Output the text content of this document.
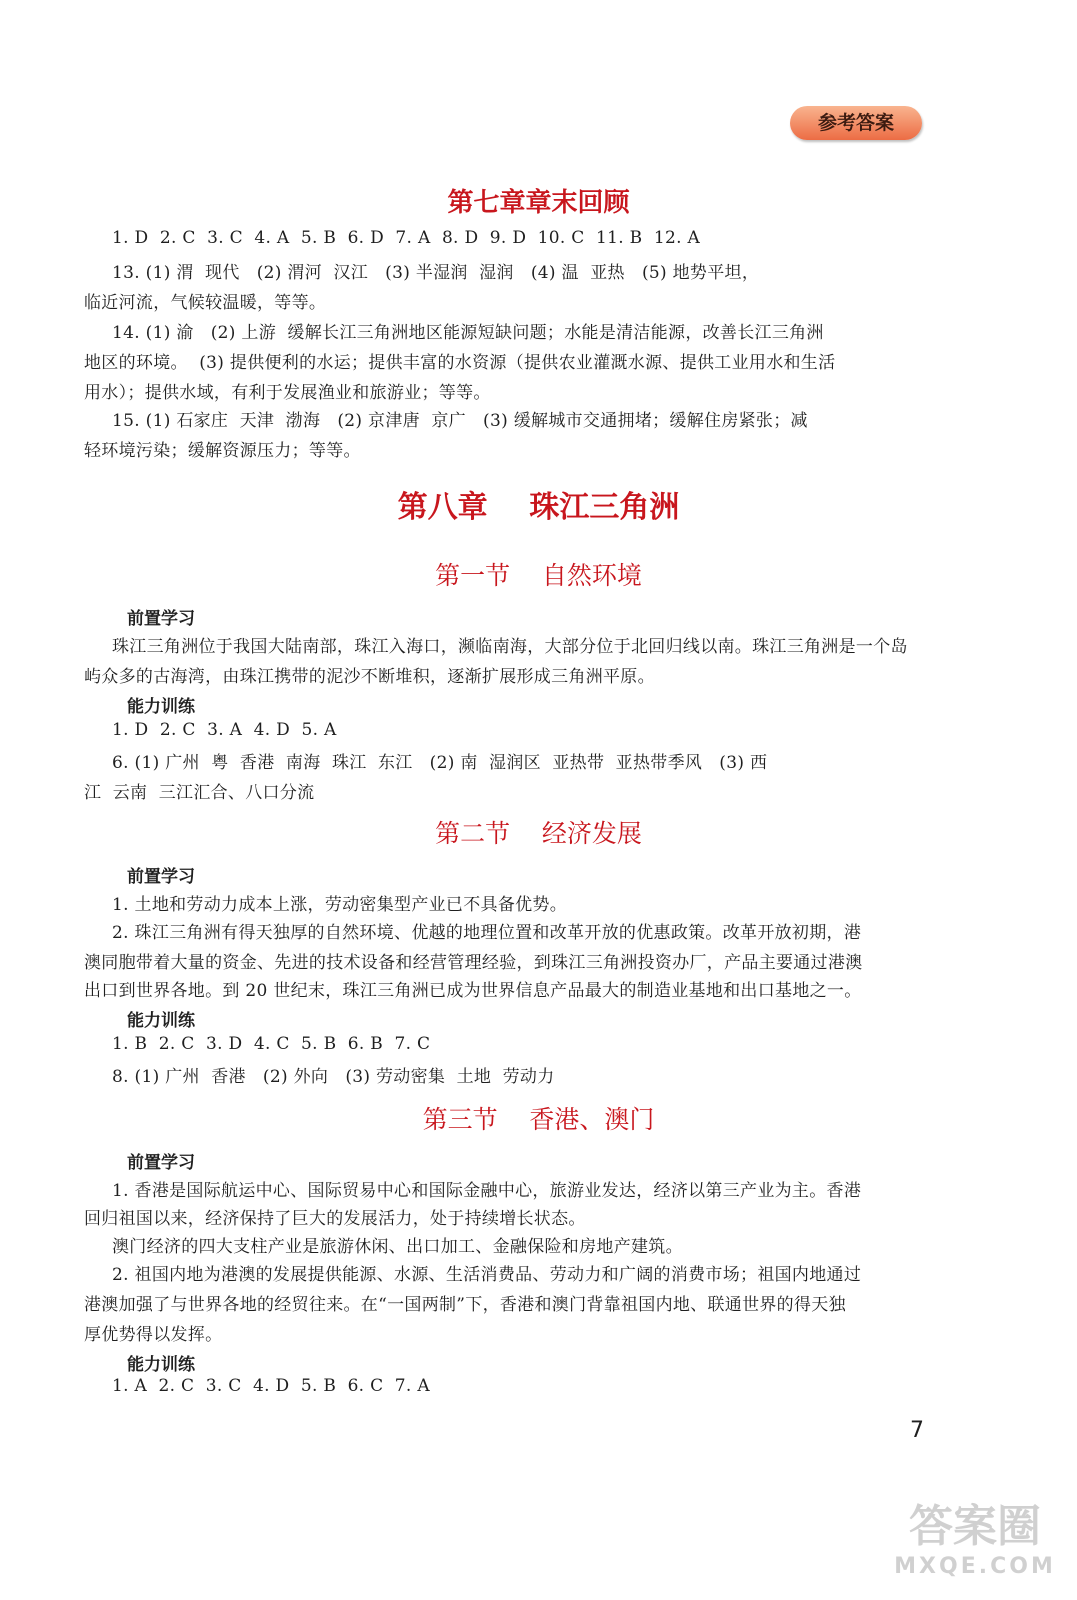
参考答案
第七章章末回顾
1. D  2. C  3. C  4. A  5. B  6. D  7. A  8. D  9. D  10. C  11. B  12. A
13. (1) 渭  现代   (2) 渭河  汉江   (3) 半湿润  湿润   (4) 温  亚热   (5) 地势平坦，
临近河流，气候较温暖，等等。
14. (1) 渝   (2) 上游  缓解长江三角洲地区能源短缺问题；水能是清洁能源，改善长江三角洲
地区的环境。  (3) 提供便利的水运；提供丰富的水资源（提供农业灌溉水源、提供工业用水和生活
用水）；提供水域，有利于发展渔业和旅游业；等等。
15. (1) 石家庄  天津  渤海   (2) 京津唐  京广   (3) 缓解城市交通拥堵；缓解住房紧张；减
轻环境污染；缓解资源压力；等等。
第八章    珠江三角洲
第一节    自然环境
前置学习
珠江三角洲位于我国大陆南部，珠江入海口，濒临南海，大部分位于北回归线以南。珠江三角洲是一个岛
屿众多的古海湾，由珠江携带的泥沙不断堆积，逐渐扩展形成三角洲平原。
能力训练
1. D  2. C  3. A  4. D  5. A
6. (1) 广州  粤  香港  南海  珠江  东江   (2) 南  湿润区  亚热带  亚热带季风   (3) 西
江  云南  三江汇合、八口分流
第二节    经济发展
前置学习
1. 土地和劳动力成本上涨，劳动密集型产业已不具备优势。
2. 珠江三角洲有得天独厚的自然环境、优越的地理位置和改革开放的优惠政策。改革开放初期，港
澳同胞带着大量的资金、先进的技术设备和经营管理经验，到珠江三角洲投资办厂，产品主要通过港澳
出口到世界各地。到 20 世纪末，珠江三角洲已成为世界信息产品最大的制造业基地和出口基地之一。
能力训练
1. B  2. C  3. D  4. C  5. B  6. B  7. C
8. (1) 广州  香港   (2) 外向   (3) 劳动密集  土地  劳动力
第三节    香港、澳门
前置学习
1. 香港是国际航运中心、国际贸易中心和国际金融中心，旅游业发达，经济以第三产业为主。香港
回归祖国以来，经济保持了巨大的发展活力，处于持续增长状态。
澳门经济的四大支柱产业是旅游休闲、出口加工、金融保险和房地产建筑。
2. 祖国内地为港澳的发展提供能源、水源、生活消费品、劳动力和广阔的消费市场；祖国内地通过
港澳加强了与世界各地的经贸往来。在“一国两制”下，香港和澳门背靠祖国内地、联通世界的得天独
厚优势得以发挥。
能力训练
1. A  2. C  3. C  4. D  5. B  6. C  7. A
7
答案圈
MXQE.COM
